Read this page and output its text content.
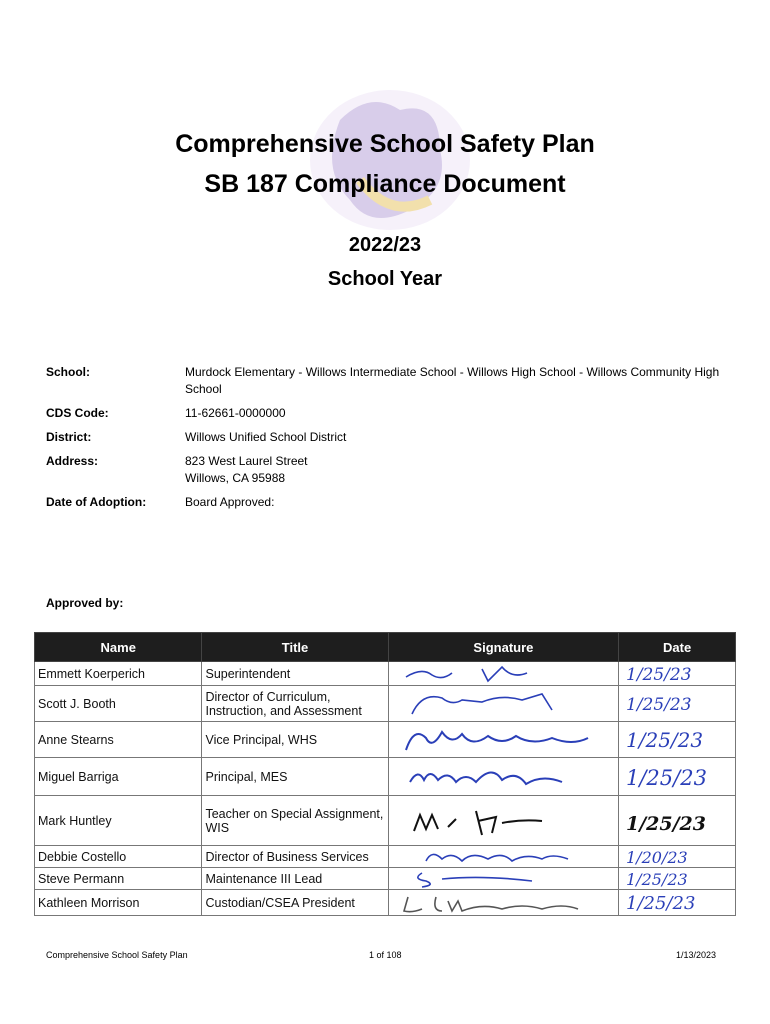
Comprehensive School Safety Plan
SB 187 Compliance Document
2022/23
School Year
School:	Murdock Elementary - Willows Intermediate School - Willows High School - Willows Community High School
CDS Code:	11-62661-0000000
District:	Willows Unified School District
Address:	823 West Laurel Street
Willows, CA 95988
Date of Adoption:	Board Approved:
Approved by:
Name	Title	Signature	Date
Emmett Koerperich	Superintendent		1/25/23

Scott J. Booth	Director of Curriculum, Instruction, and Assessment		1/25/23

Anne Stearns	Vice Principal, WHS		1/25/23

Miguel Barriga	Principal, MES		1/25/23

Mark Huntley	Teacher on Special Assignment, WIS		1/25/23

Debbie Costello	Director of Business Services		1/20/23

Steve Permann	Maintenance III Lead		1/25/23

Kathleen Morrison	Custodian/CSEA President		1/25/23
Comprehensive School Safety Plan	1 of 108	1/13/2023
